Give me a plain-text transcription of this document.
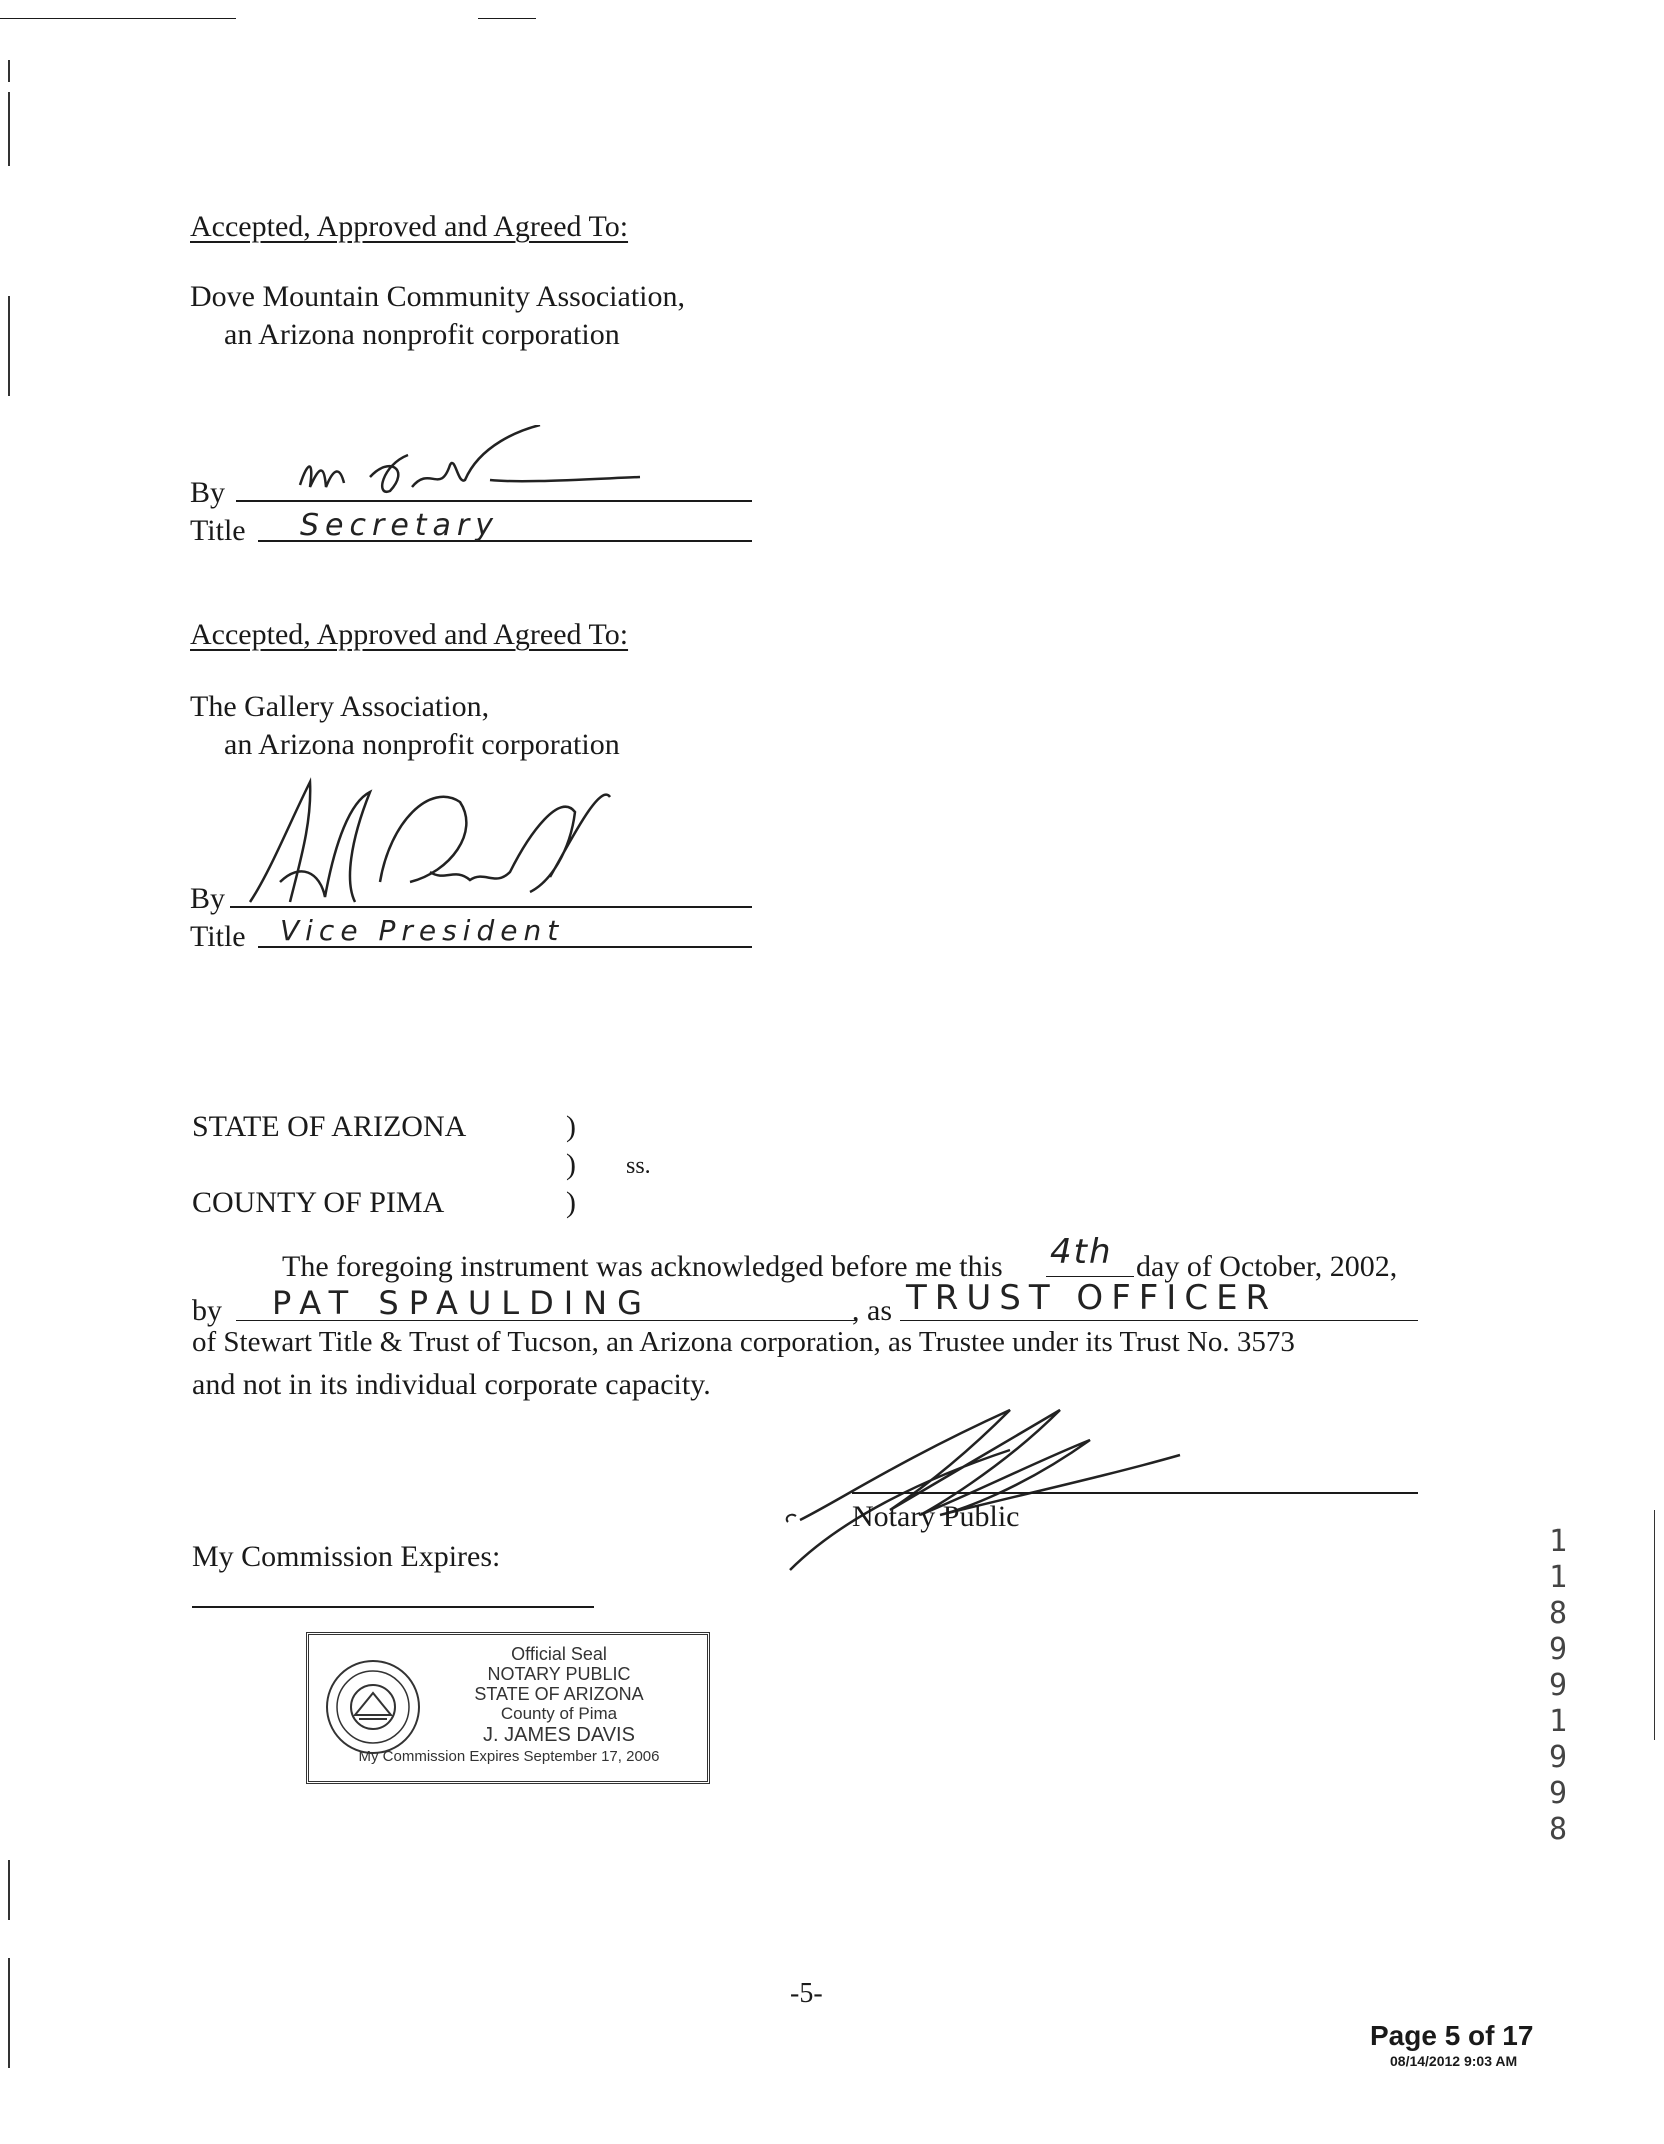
Accepted, Approved and Agreed To:
Dove Mountain Community Association,
an Arizona nonprofit corporation
By
Title Secretary
Accepted, Approved and Agreed To:
The Gallery Association,
an Arizona nonprofit corporation
By
Title Vice President
STATE OF ARIZONA	)
) ss.
COUNTY OF PIMA	)
The foregoing instrument was acknowledged before me this 4th day of October, 2002,
by PAT SPAULDING	, as TRUST OFFICER
of Stewart Title & Trust of Tucson, an Arizona corporation, as Trustee under its Trust No. 3573
and not in its individual corporate capacity.
Notary Public
My Commission Expires:
Official Seal
NOTARY PUBLIC
STATE OF ARIZONA
County of Pima
J. JAMES DAVIS
My Commission Expires September 17, 2006
1 1 8 9 9 1 9 9 8
-5-
Page 5 of 17
08/14/2012 9:03 AM
